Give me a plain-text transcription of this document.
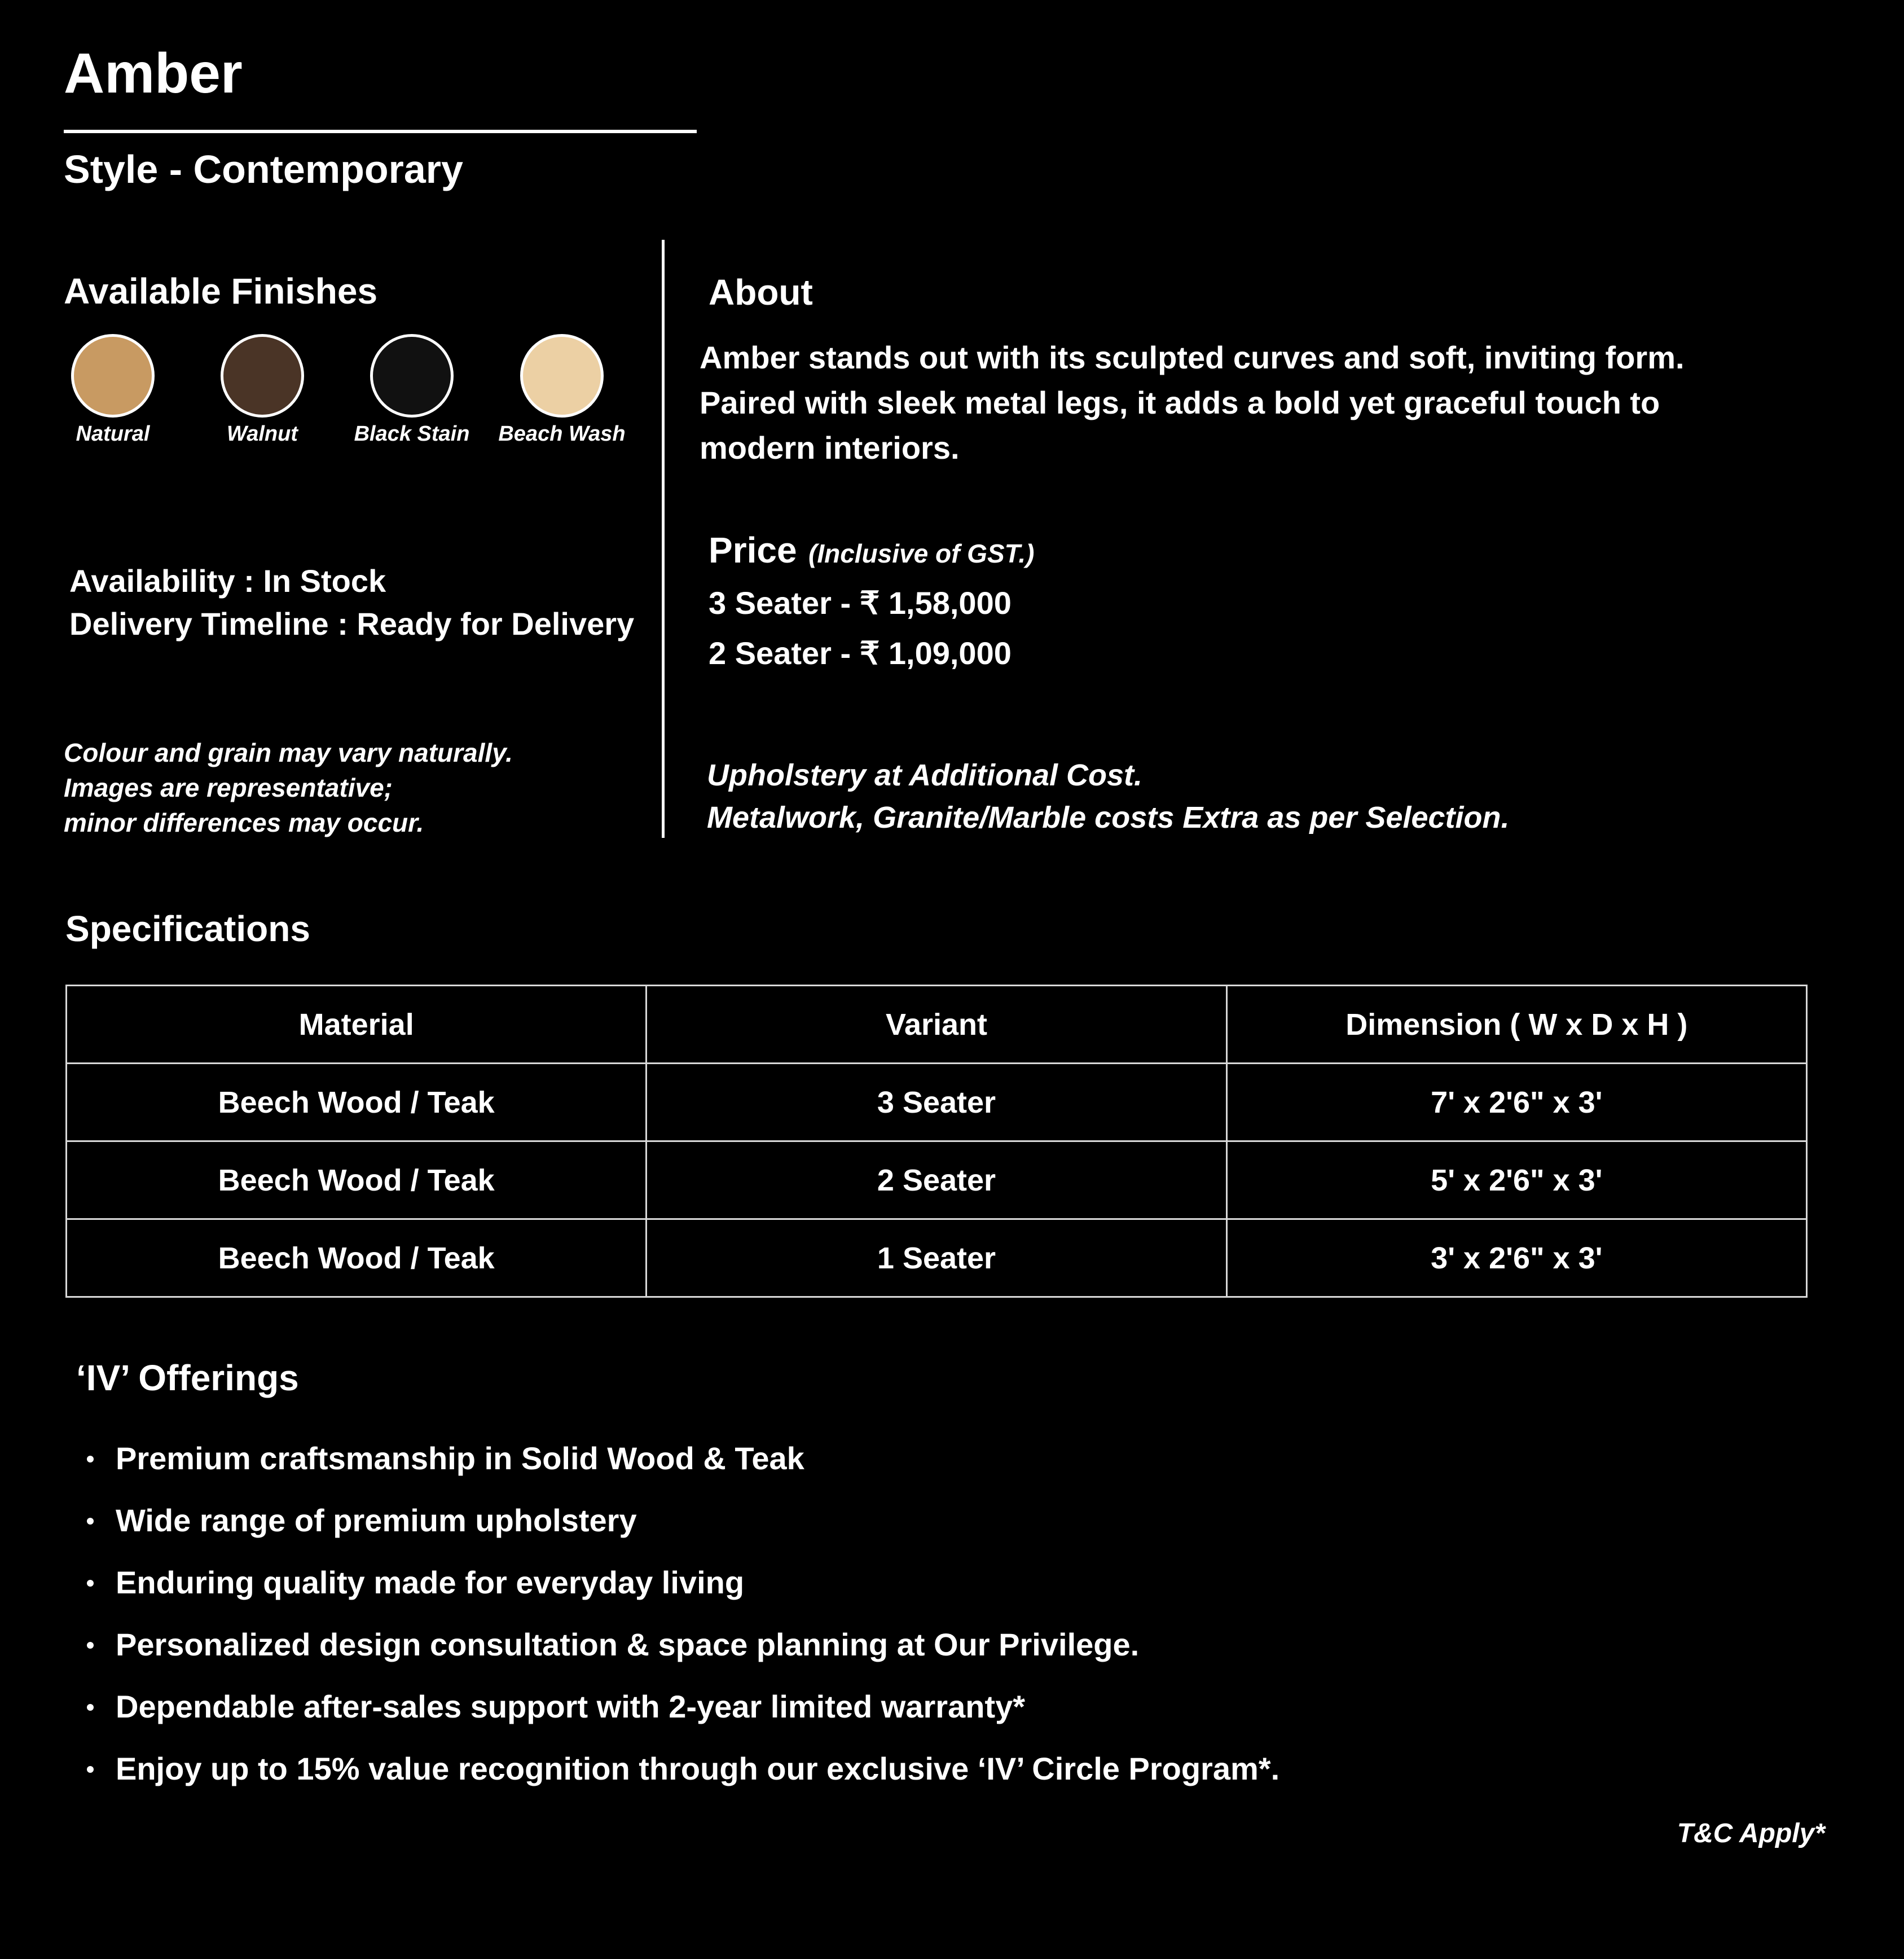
Amber
Style - Contemporary
Available Finishes
Natural	Walnut	Black Stain	Beach Wash
Availability : In Stock
Delivery Timeline : Ready for Delivery
Colour and grain may vary naturally.
Images are representative;
minor differences may occur.
About
Amber stands out with its sculpted curves and soft, inviting form.
Paired with sleek metal legs, it adds a bold yet graceful touch to
modern interiors.
Price (Inclusive of GST.)
3 Seater - ₹ 1,58,000
2 Seater - ₹ 1,09,000
Upholstery at Additional Cost.
Metalwork, Granite/Marble costs Extra as per Selection.
Specifications
Material	Variant	Dimension ( W x D x H )
Beech Wood / Teak	3 Seater	7' x 2'6" x 3'
Beech Wood / Teak	2 Seater	5' x 2'6" x 3'
Beech Wood / Teak	1 Seater	3' x 2'6" x 3'
‘IV’ Offerings
Premium craftsmanship in Solid Wood & Teak
Wide range of premium upholstery
Enduring quality made for everyday living
Personalized design consultation & space planning at Our Privilege.
Dependable after-sales support with 2-year limited warranty*
Enjoy up to 15% value recognition through our exclusive ‘IV’ Circle Program*.
T&C Apply*
